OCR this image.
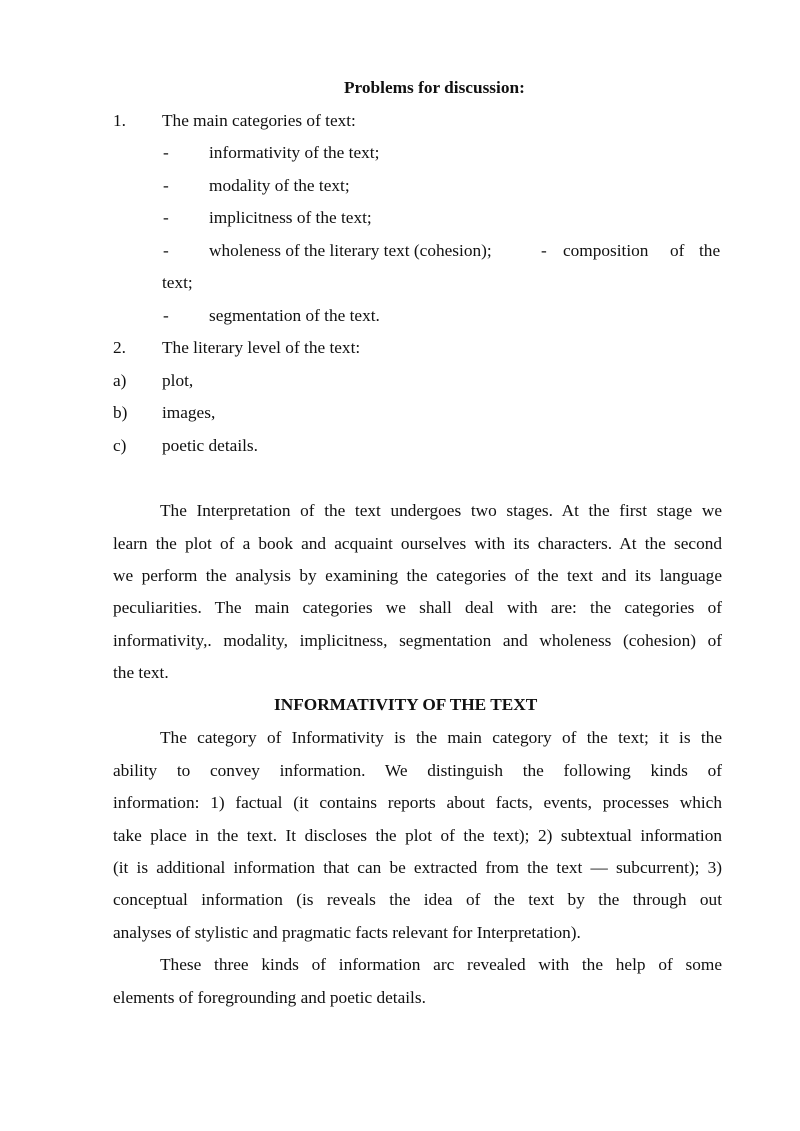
Problems for discussion:
1. The main categories of text:
- informativity of the text;
- modality of the text;
- implicitness of the text;
- wholeness of the literary text (cohesion);	- composition of the
text;
- segmentation of the text.
2. The literary level of the text:
a) plot,
b) images,
c) poetic details.
The Interpretation of the text undergoes two stages. At the first stage we
learn the plot of a book and acquaint ourselves with its characters. At the second
we perform the analysis by examining the categories of the text and its language
peculiarities. The main categories we shall deal with are: the categories of
informativity,. modality, implicitness, segmentation and wholeness (cohesion) of
the text.
INFORMATIVITY OF THE TEXT
The category of Informativity is the main category of the text; it is the
ability to convey information. We distinguish the following kinds of
information: 1) factual (it contains reports about facts, events, processes which
take place in the text. It discloses the plot of the text); 2) subtextual information
(it is additional information that can be extracted from the text — subcurrent); 3)
conceptual information (is reveals the idea of the text by the through out
analyses of stylistic and pragmatic facts relevant for Interpretation).
These three kinds of information arc revealed with the help of some
elements of foregrounding and poetic details.
